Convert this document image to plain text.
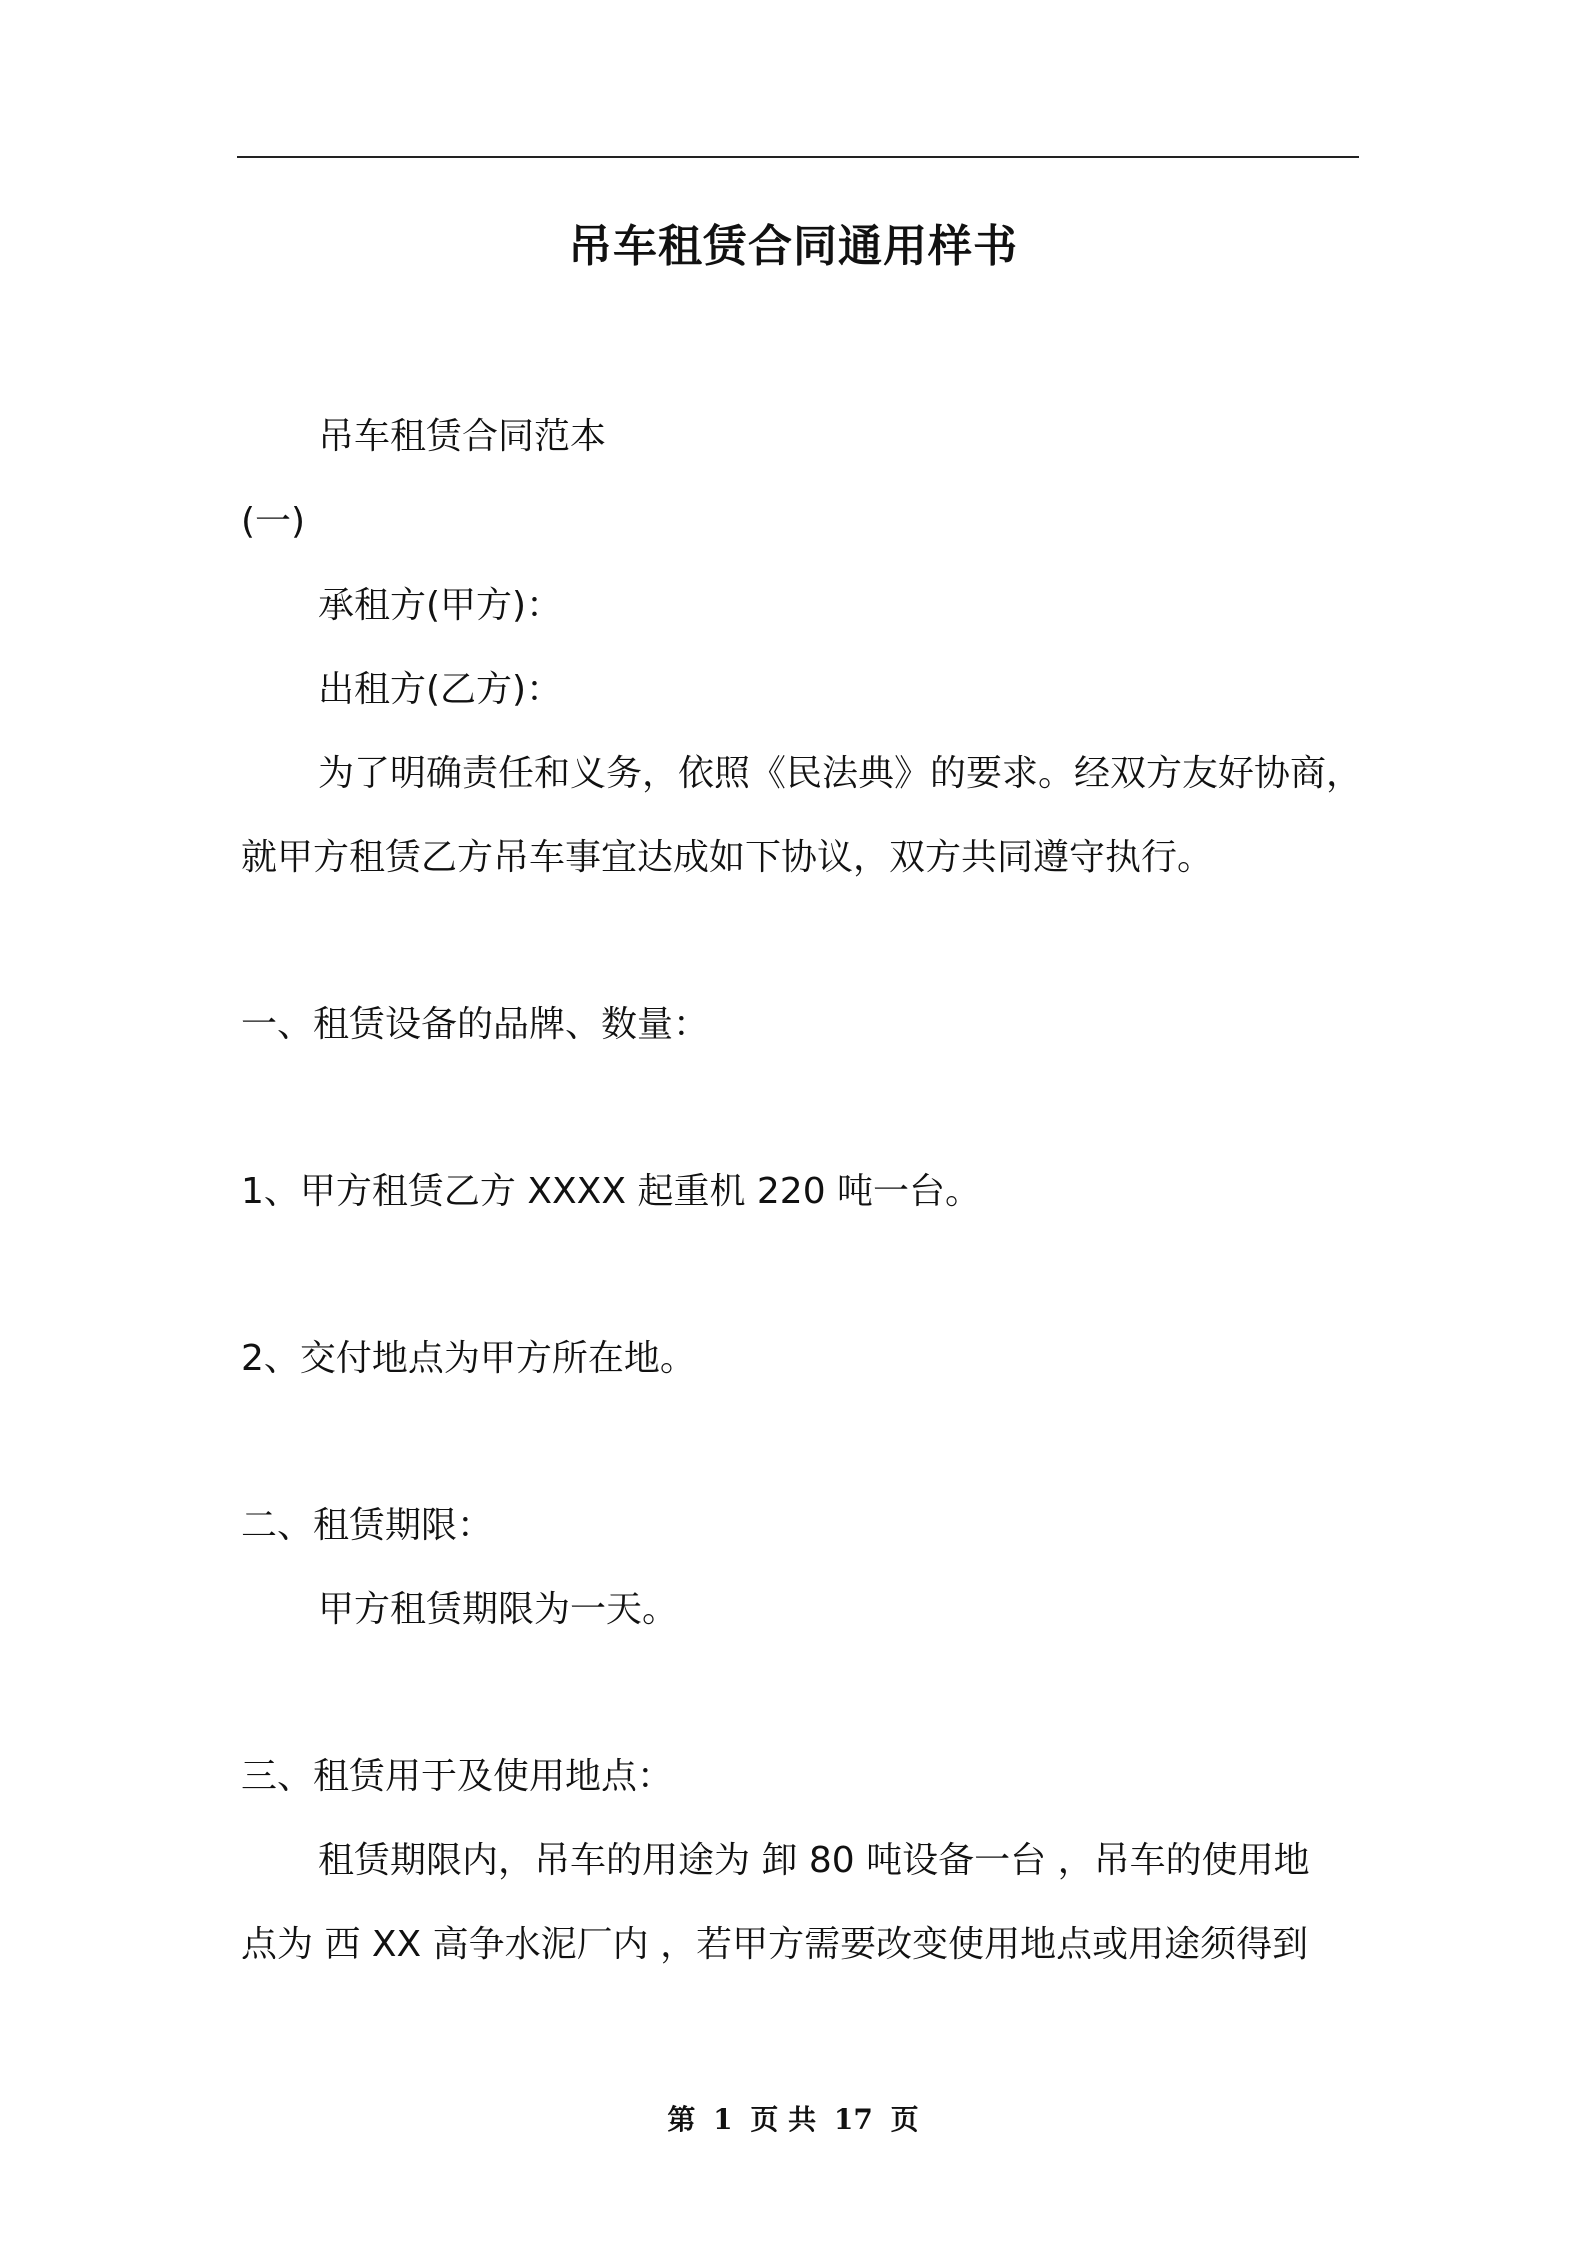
吊车租赁合同通用样书
吊车租赁合同范本
(一)
承租方(甲方)：
出租方(乙方)：
为了明确责任和义务，依照《民法典》的要求。经双方友好协商，
就甲方租赁乙方吊车事宜达成如下协议，双方共同遵守执行。
一、租赁设备的品牌、数量：
1、甲方租赁乙方 XXXX 起重机 220 吨一台。
2、交付地点为甲方所在地。
二、租赁期限：
甲方租赁期限为一天。
三、租赁用于及使用地点：
租赁期限内，吊车的用途为 卸 80 吨设备一台 ，吊车的使用地
点为 西 XX 高争水泥厂内 ，若甲方需要改变使用地点或用途须得到
第 1 页 共 17 页
